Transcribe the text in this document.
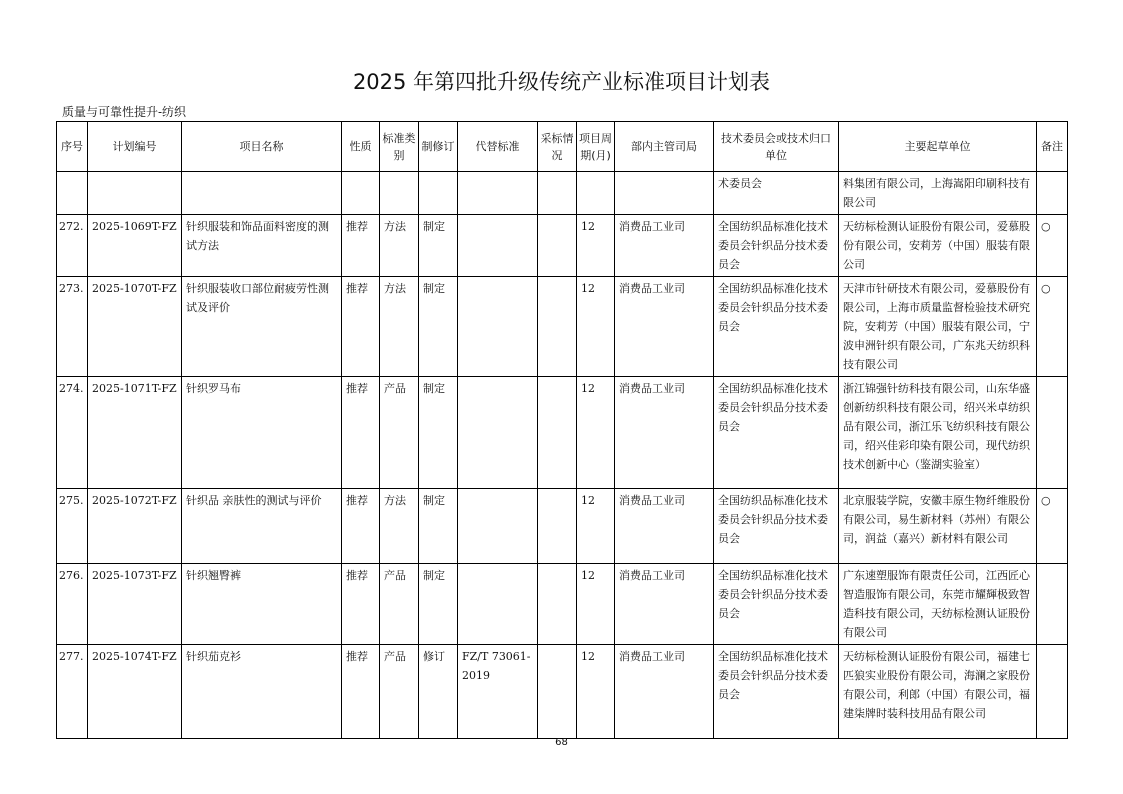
2025 年第四批升级传统产业标准项目计划表
质量与可靠性提升-纺织
序号	计划编号	项目名称	性质	标准类别	制修订	代替标准	采标情况	项目周期(月)	部内主管司局	技术委员会或技术归口单位	主要起草单位	备注
										术委员会	料集团有限公司，上海嵩阳印刷科技有限公司	
272.	2025-1069T-FZ	针织服装和饰品面料密度的测试方法	推荐	方法	制定			12	消费品工业司	全国纺织品标准化技术委员会针织品分技术委员会	天纺标检测认证股份有限公司，爱慕股份有限公司，安莉芳（中国）服装有限公司	○
273.	2025-1070T-FZ	针织服装收口部位耐疲劳性测试及评价	推荐	方法	制定			12	消费品工业司	全国纺织品标准化技术委员会针织品分技术委员会	天津市针研技术有限公司，爱慕股份有限公司，上海市质量监督检验技术研究院，安莉芳（中国）服装有限公司，宁波申洲针织有限公司，广东兆天纺织科技有限公司	○
274.	2025-1071T-FZ	针织罗马布	推荐	产品	制定			12	消费品工业司	全国纺织品标准化技术委员会针织品分技术委员会	浙江锦强针纺科技有限公司，山东华盛创新纺织科技有限公司，绍兴米卓纺织品有限公司，浙江乐飞纺织科技有限公司，绍兴佳彩印染有限公司，现代纺织技术创新中心（鉴湖实验室）	
275.	2025-1072T-FZ	针织品 亲肤性的测试与评价	推荐	方法	制定			12	消费品工业司	全国纺织品标准化技术委员会针织品分技术委员会	北京服装学院，安徽丰原生物纤维股份有限公司，易生新材料（苏州）有限公司，润益（嘉兴）新材料有限公司	○
276.	2025-1073T-FZ	针织翘臀裤	推荐	产品	制定			12	消费品工业司	全国纺织品标准化技术委员会针织品分技术委员会	广东速塑服饰有限责任公司，江西匠心智造服饰有限公司，东莞市耀輝极致智造科技有限公司，天纺标检测认证股份有限公司	
277.	2025-1074T-FZ	针织茄克衫	推荐	产品	修订	FZ/T 73061-2019		12	消费品工业司	全国纺织品标准化技术委员会针织品分技术委员会	天纺标检测认证股份有限公司，福建七匹狼实业股份有限公司，海澜之家股份有限公司，利郎（中国）有限公司，福建柒牌时装科技用品有限公司	
68
